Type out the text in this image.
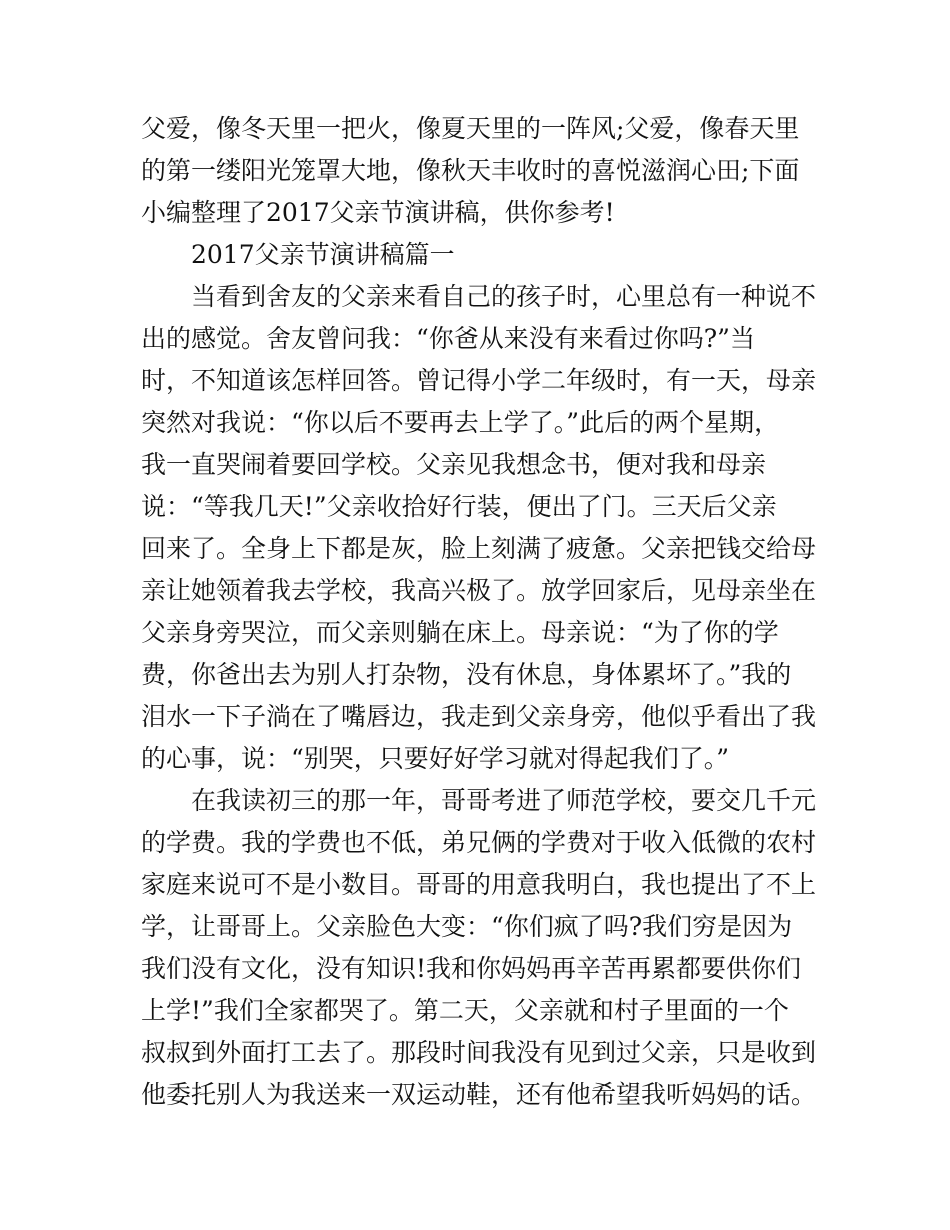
父爱，像冬天里一把火，像夏天里的一阵风;父爱，像春天里
的第一缕阳光笼罩大地，像秋天丰收时的喜悦滋润心田;下面
小编整理了2017父亲节演讲稿，供你参考!
2017父亲节演讲稿篇一
当看到舍友的父亲来看自己的孩子时，心里总有一种说不
出的感觉。舍友曾问我：“你爸从来没有来看过你吗?”当
时，不知道该怎样回答。曾记得小学二年级时，有一天，母亲
突然对我说：“你以后不要再去上学了。”此后的两个星期，
我一直哭闹着要回学校。父亲见我想念书，便对我和母亲
说：“等我几天!”父亲收拾好行装，便出了门。三天后父亲
回来了。全身上下都是灰，脸上刻满了疲惫。父亲把钱交给母
亲让她领着我去学校，我高兴极了。放学回家后，见母亲坐在
父亲身旁哭泣，而父亲则躺在床上。母亲说：“为了你的学
费，你爸出去为别人打杂物，没有休息，身体累坏了。”我的
泪水一下子淌在了嘴唇边，我走到父亲身旁，他似乎看出了我
的心事，说：“别哭，只要好好学习就对得起我们了。”
在我读初三的那一年，哥哥考进了师范学校，要交几千元
的学费。我的学费也不低，弟兄俩的学费对于收入低微的农村
家庭来说可不是小数目。哥哥的用意我明白，我也提出了不上
学，让哥哥上。父亲脸色大变：“你们疯了吗?我们穷是因为
我们没有文化，没有知识!我和你妈妈再辛苦再累都要供你们
上学!”我们全家都哭了。第二天，父亲就和村子里面的一个
叔叔到外面打工去了。那段时间我没有见到过父亲，只是收到
他委托别人为我送来一双运动鞋，还有他希望我听妈妈的话。
